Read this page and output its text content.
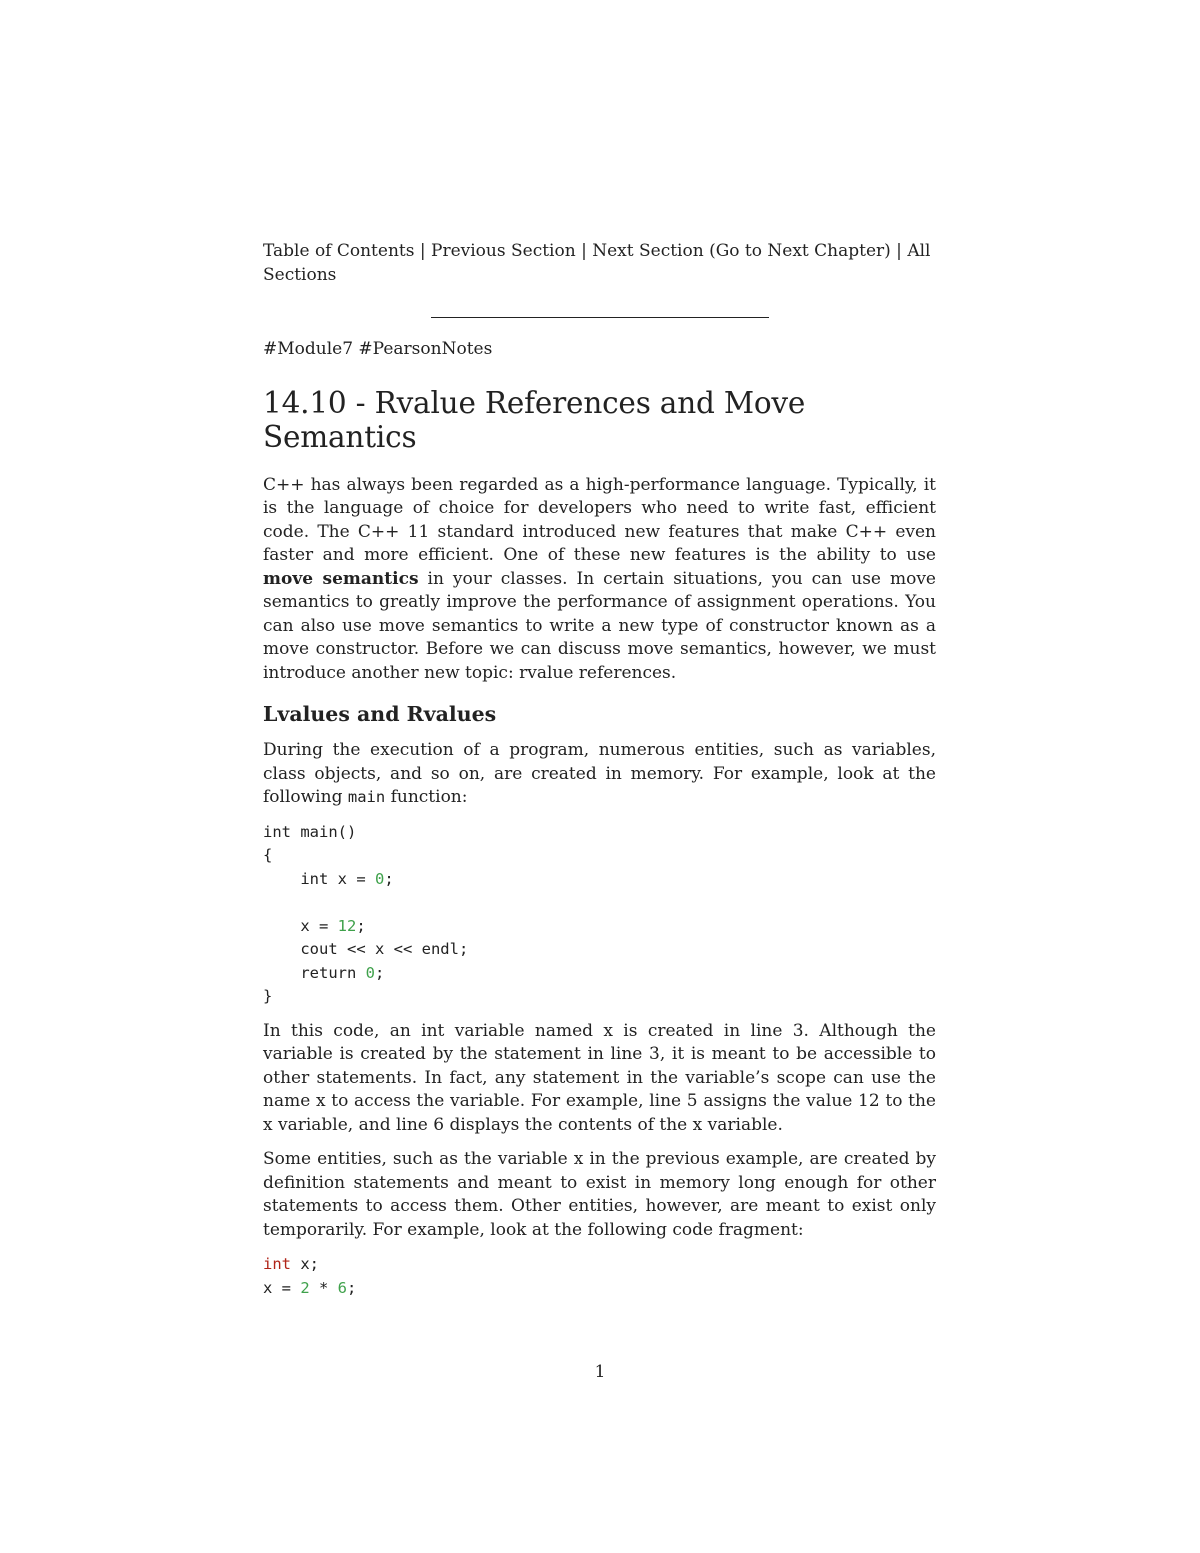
Table of Contents | Previous Section | Next Section (Go to Next Chapter) | All Sections

#Module7 #PearsonNotes

14.10 - Rvalue References and Move Semantics

C++ has always been regarded as a high-performance language. Typically, it is the language of choice for developers who need to write fast, efficient code. The C++ 11 standard introduced new features that make C++ even faster and more efficient. One of these new features is the ability to use move semantics in your classes. In certain situations, you can use move semantics to greatly improve the performance of assignment operations. You can also use move semantics to write a new type of constructor known as a move constructor. Before we can discuss move semantics, however, we must introduce another new topic: rvalue references.

Lvalues and Rvalues

During the execution of a program, numerous entities, such as variables, class objects, and so on, are created in memory. For example, look at the following main function:

int main()
{
int x = 0;

x = 12;
cout << x << endl;
return 0;
}

In this code, an int variable named x is created in line 3. Although the variable is created by the statement in line 3, it is meant to be accessible to other statements. In fact, any statement in the variable’s scope can use the name x to access the variable. For example, line 5 assigns the value 12 to the x variable, and line 6 displays the contents of the x variable.

Some entities, such as the variable x in the previous example, are created by definition statements and meant to exist in memory long enough for other statements to access them. Other entities, however, are meant to exist only temporarily. For example, look at the following code fragment:

int x;
x = 2 * 6;
1
